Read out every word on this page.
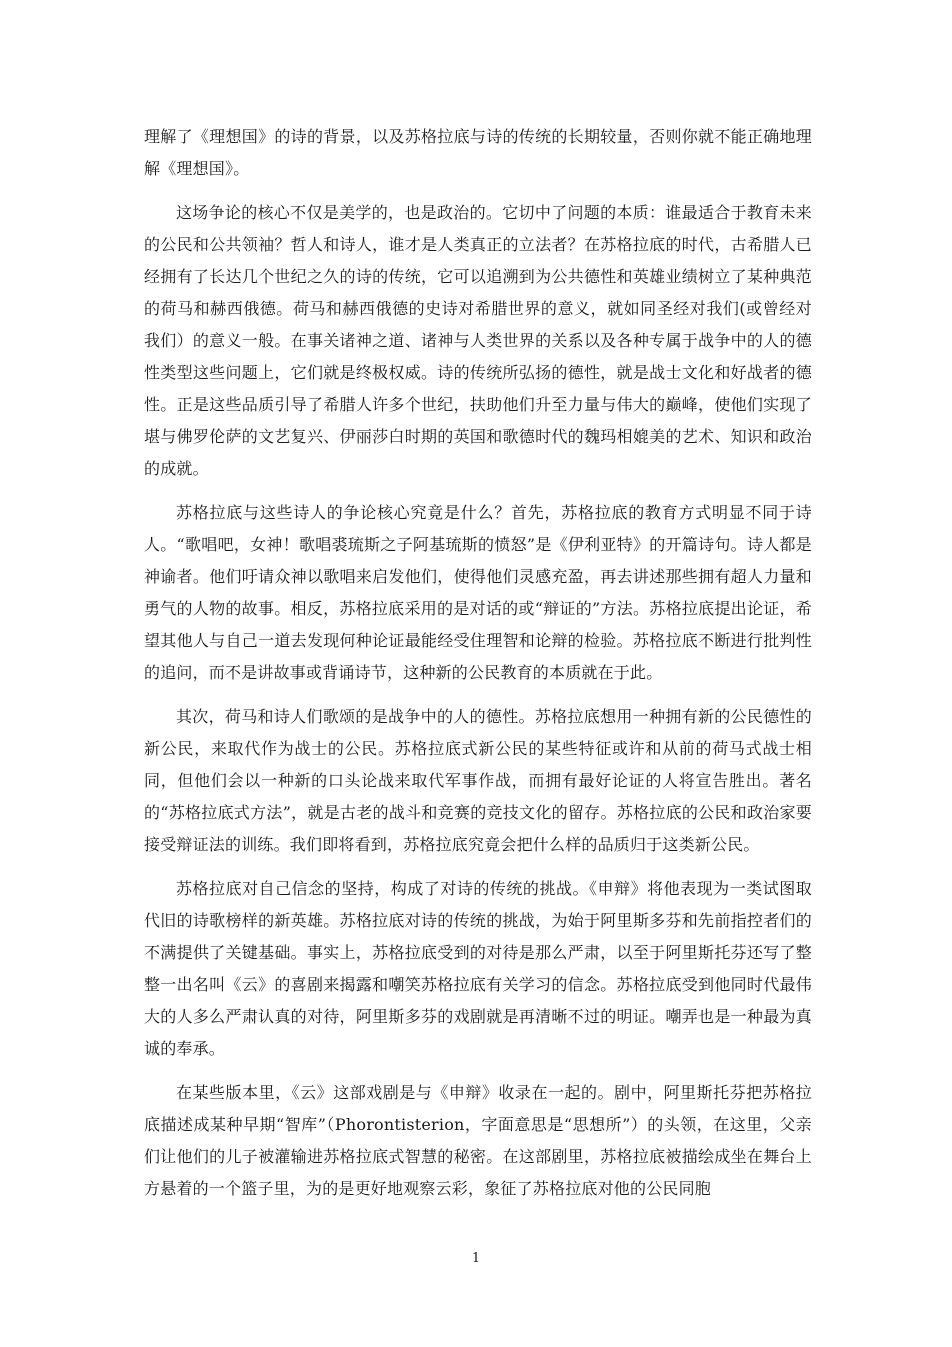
理解了《理想国》的诗的背景，以及苏格拉底与诗的传统的长期较量，否则你就不能正确地理解《理想国》。

这场争论的核心不仅是美学的，也是政治的。它切中了问题的本质：谁最适合于教育未来的公民和公共领袖？哲人和诗人，谁才是人类真正的立法者？在苏格拉底的时代，古希腊人已经拥有了长达几个世纪之久的诗的传统，它可以追溯到为公共德性和英雄业绩树立了某种典范的荷马和赫西俄德。荷马和赫西俄德的史诗对希腊世界的意义，就如同圣经对我们(或曾经对我们）的意义一般。在事关诸神之道、诸神与人类世界的关系以及各种专属于战争中的人的德性类型这些问题上，它们就是终极权威。诗的传统所弘扬的德性，就是战士文化和好战者的德性。正是这些品质引导了希腊人许多个世纪，扶助他们升至力量与伟大的巅峰，使他们实现了堪与佛罗伦萨的文艺复兴、伊丽莎白时期的英国和歌德时代的魏玛相媲美的艺术、知识和政治的成就。

苏格拉底与这些诗人的争论核心究竟是什么？首先，苏格拉底的教育方式明显不同于诗人。“歌唱吧，女神！歌唱裘琉斯之子阿基琉斯的愤怒”是《伊利亚特》的开篇诗句。诗人都是神谕者。他们吁请众神以歌唱来启发他们，使得他们灵感充盈，再去讲述那些拥有超人力量和勇气的人物的故事。相反，苏格拉底采用的是对话的或“辩证的”方法。苏格拉底提出论证，希望其他人与自己一道去发现何种论证最能经受住理智和论辩的检验。苏格拉底不断进行批判性的追问，而不是讲故事或背诵诗节，这种新的公民教育的本质就在于此。

其次，荷马和诗人们歌颂的是战争中的人的德性。苏格拉底想用一种拥有新的公民德性的新公民，来取代作为战士的公民。苏格拉底式新公民的某些特征或许和从前的荷马式战士相同，但他们会以一种新的口头论战来取代军事作战，而拥有最好论证的人将宣告胜出。著名的“苏格拉底式方法”，就是古老的战斗和竞赛的竞技文化的留存。苏格拉底的公民和政治家要接受辩证法的训练。我们即将看到，苏格拉底究竟会把什么样的品质归于这类新公民。

苏格拉底对自己信念的坚持，构成了对诗的传统的挑战。《申辩》将他表现为一类试图取代旧的诗歌榜样的新英雄。苏格拉底对诗的传统的挑战，为始于阿里斯多芬和先前指控者们的不满提供了关键基础。事实上，苏格拉底受到的对待是那么严肃，以至于阿里斯托芬还写了整整一出名叫《云》的喜剧来揭露和嘲笑苏格拉底有关学习的信念。苏格拉底受到他同时代最伟大的人多么严肃认真的对待，阿里斯多芬的戏剧就是再清晰不过的明证。嘲弄也是一种最为真诚的奉承。

在某些版本里，《云》这部戏剧是与《申辩》收录在一起的。剧中，阿里斯托芬把苏格拉底描述成某种早期“智库”（Phorontisterion，字面意思是“思想所”）的头领，在这里，父亲们让他们的儿子被灌输进苏格拉底式智慧的秘密。在这部剧里，苏格拉底被描绘成坐在舞台上方悬着的一个篮子里，为的是更好地观察云彩，象征了苏格拉底对他的公民同胞

1
